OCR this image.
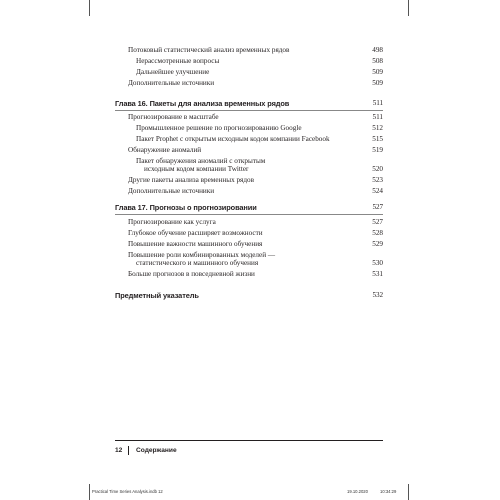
Потоковый статистический анализ временных рядов	498
Нерассмотренные вопросы	508
Дальнейшее улучшение	509
Дополнительные источники	509
Глава 16. Пакеты для анализа временных рядов	511
Прогнозирование в масштабе	511
Промышленное решение по прогнозированию Google	512
Пакет Prophet с открытым исходным кодом компании Facebook	515
Обнаружение аномалий	519
Пакет обнаружения аномалий с открытым
исходным кодом компании Twitter	520
Другие пакеты анализа временных рядов	523
Дополнительные источники	524
Глава 17. Прогнозы о прогнозировании	527
Прогнозирование как услуга	527
Глубокое обучение расширяет возможности	528
Повышение важности машинного обучения	529
Повышение роли комбинированных моделей —
статистического и машинного обучения	530
Больше прогнозов в повседневной жизни	531
Предметный указатель	532
12 Содержание
Practical Time Series Analysis.indb 12	19.10.2020	10:34:29
